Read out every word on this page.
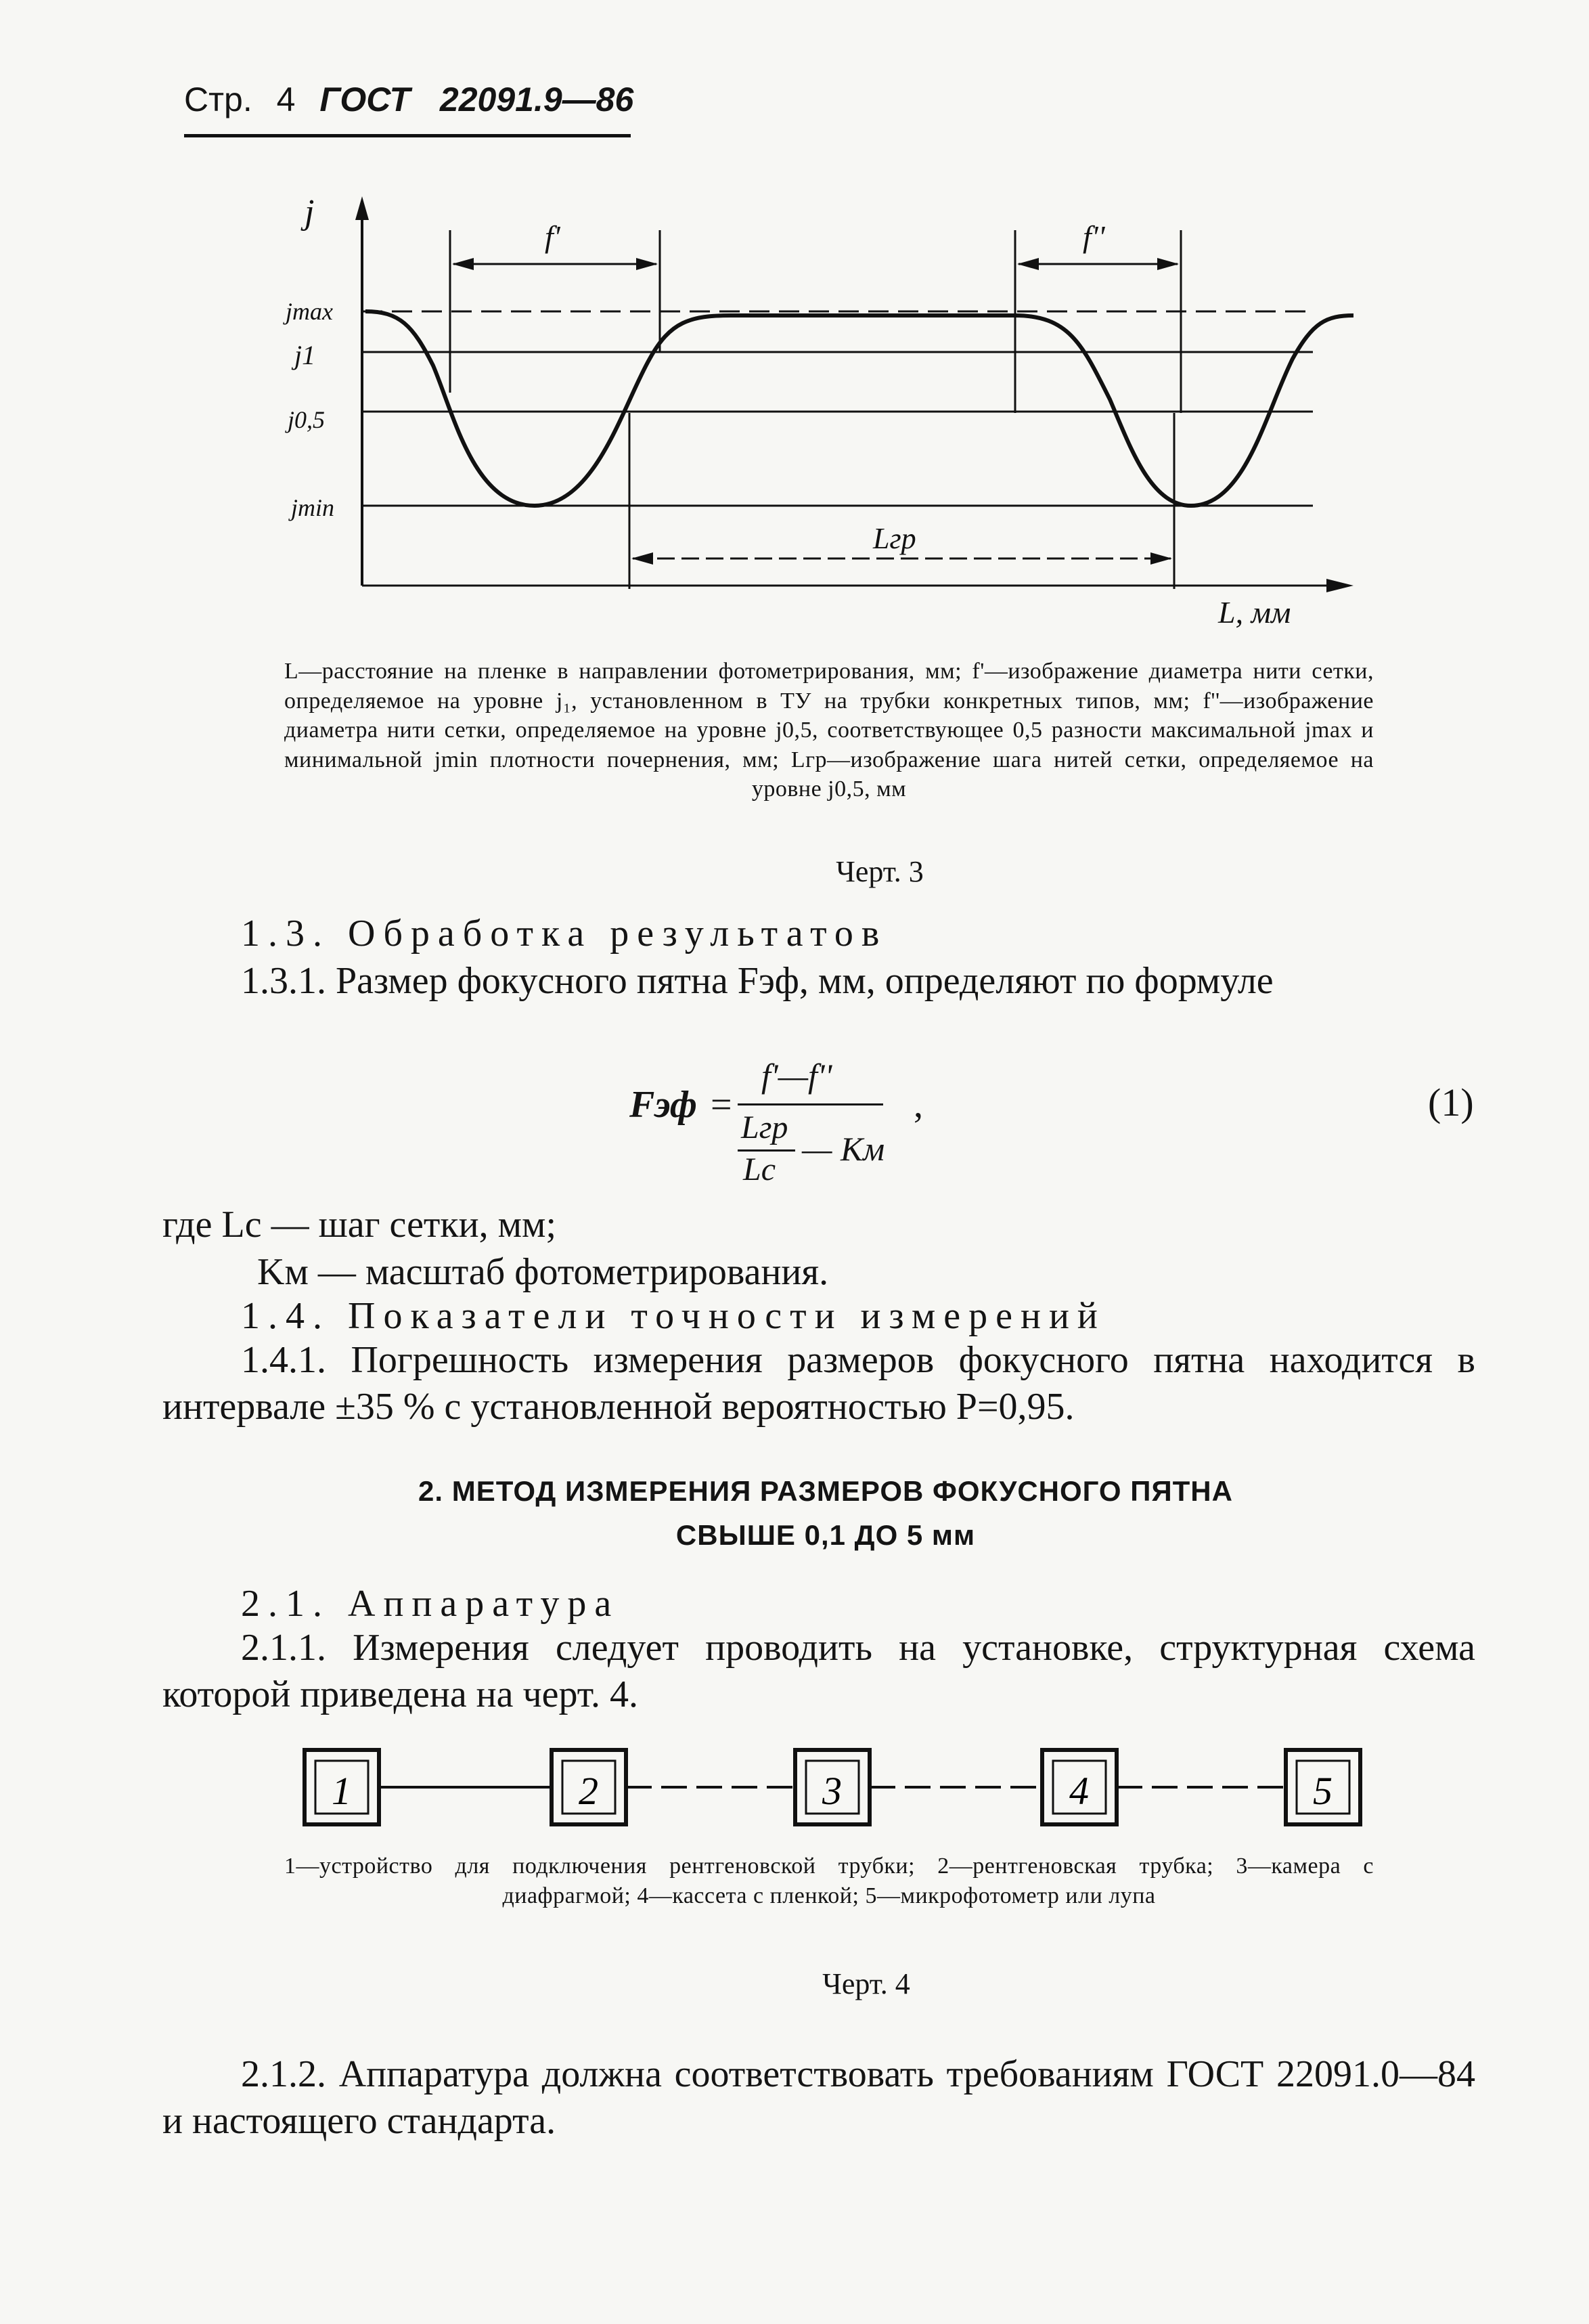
Стр. 4 ГОСТ 22091.9—86
j
L, мм
jmax
j1
j0,5
jmin
f'	f''
Lгр
L—расстояние на пленке в направлении фотометрирования, мм; f'—изображение диаметра нити сетки, определяемое на уровне j₁, установленном в ТУ на трубки конкретных типов, мм; f''—изображение диаметра нити сетки, определяемое на уровне j0,5, соответствующее 0,5 разности максимальной jmax и минимальной jmin плотности почернения, мм; Lгр—изображение шага нитей сетки, определяемое на уровне j0,5, мм
Черт. 3
1.3. Обработка результатов
1.3.1. Размер фокусного пятна Fэф, мм, определяют по формуле
Fэф =
f'—f''
Lгр
Lс
— Kм
,	(1)
где Lс — шаг сетки, мм;
Kм — масштаб фотометрирования.
1.4. Показатели точности измерений
1.4.1. Погрешность измерения размеров фокусного пятна находится в интервале ±35 % с установленной вероятностью P=0,95.
2. МЕТОД ИЗМЕРЕНИЯ РАЗМЕРОВ ФОКУСНОГО ПЯТНА
СВЫШЕ 0,1 ДО 5 мм
2.1. Аппаратура
2.1.1. Измерения следует проводить на установке, структурная схема которой приведена на черт. 4.
1	2	3	4	5
1—устройство для подключения рентгеновской трубки; 2—рентгеновская трубка; 3—камера с диафрагмой; 4—кассета с пленкой; 5—микрофотометр или лупа
Черт. 4
2.1.2. Аппаратура должна соответствовать требованиям ГОСТ 22091.0—84 и настоящего стандарта.
